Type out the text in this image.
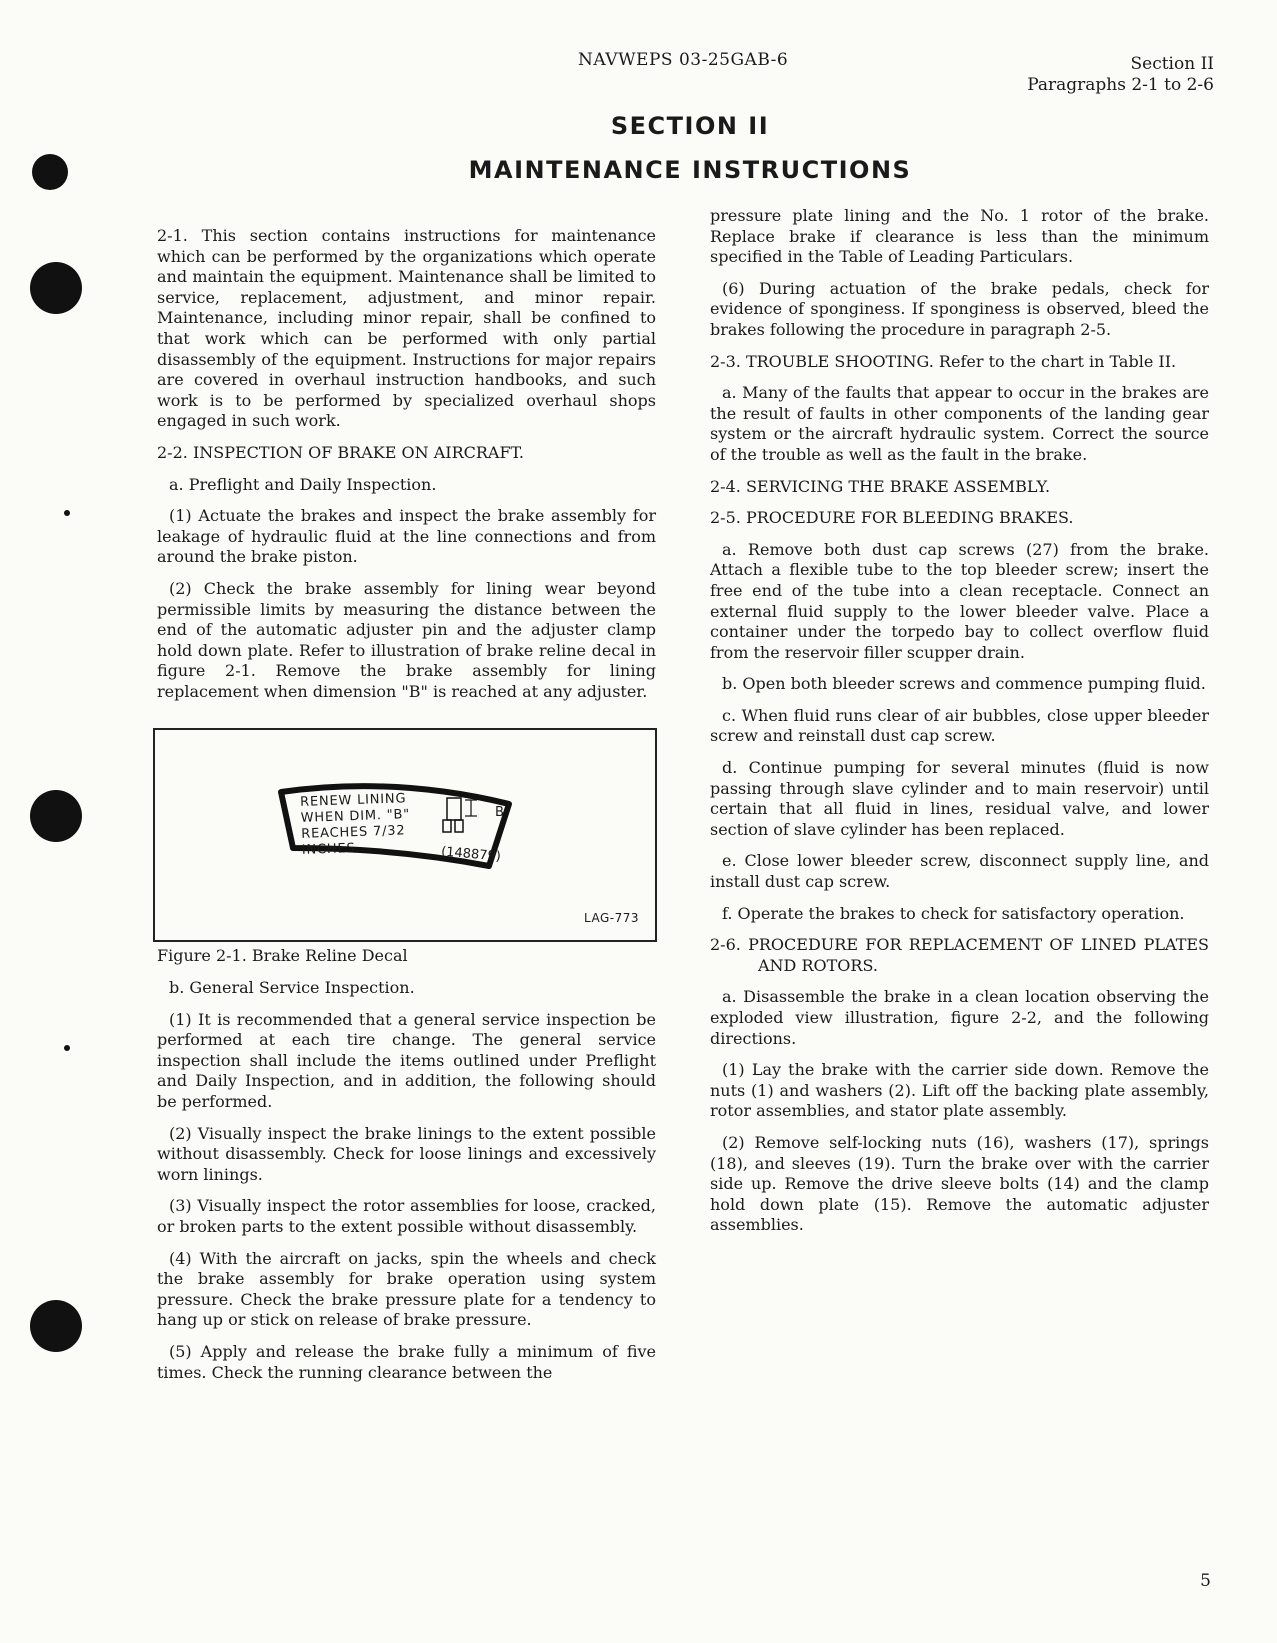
NAVWEPS 03-25GAB-6	Section II
Paragraphs 2-1 to 2-6
SECTION II
MAINTENANCE INSTRUCTIONS

2-1. This section contains instructions for maintenance which can be performed by the organizations which operate and maintain the equipment. Maintenance shall be limited to service, replacement, adjustment, and minor repair. Maintenance, including minor repair, shall be confined to that work which can be performed with only partial disassembly of the equipment. Instructions for major repairs are covered in overhaul instruction handbooks, and such work is to be performed by specialized overhaul shops engaged in such work.

2-2. INSPECTION OF BRAKE ON AIRCRAFT.

a. Preflight and Daily Inspection.

(1) Actuate the brakes and inspect the brake assembly for leakage of hydraulic fluid at the line connections and from around the brake piston.

(2) Check the brake assembly for lining wear beyond permissible limits by measuring the distance between the end of the automatic adjuster pin and the adjuster clamp hold down plate. Refer to illustration of brake reline decal in figure 2-1. Remove the brake assembly for lining replacement when dimension "B" is reached at any adjuster.

RENEW LINING
WHEN DIM. "B"
REACHES 7/32
INCHES.	(148879)
B
LAG-773

Figure 2-1. Brake Reline Decal

b. General Service Inspection.

(1) It is recommended that a general service inspection be performed at each tire change. The general service inspection shall include the items outlined under Preflight and Daily Inspection, and in addition, the following should be performed.

(2) Visually inspect the brake linings to the extent possible without disassembly. Check for loose linings and excessively worn linings.

(3) Visually inspect the rotor assemblies for loose, cracked, or broken parts to the extent possible without disassembly.

(4) With the aircraft on jacks, spin the wheels and check the brake assembly for brake operation using system pressure. Check the brake pressure plate for a tendency to hang up or stick on release of brake pressure.

(5) Apply and release the brake fully a minimum of five times. Check the running clearance between the

pressure plate lining and the No. 1 rotor of the brake. Replace brake if clearance is less than the minimum specified in the Table of Leading Particulars.

(6) During actuation of the brake pedals, check for evidence of sponginess. If sponginess is observed, bleed the brakes following the procedure in paragraph 2-5.

2-3. TROUBLE SHOOTING. Refer to the chart in Table II.

a. Many of the faults that appear to occur in the brakes are the result of faults in other components of the landing gear system or the aircraft hydraulic system. Correct the source of the trouble as well as the fault in the brake.

2-4. SERVICING THE BRAKE ASSEMBLY.

2-5. PROCEDURE FOR BLEEDING BRAKES.

a. Remove both dust cap screws (27) from the brake. Attach a flexible tube to the top bleeder screw; insert the free end of the tube into a clean receptacle. Connect an external fluid supply to the lower bleeder valve. Place a container under the torpedo bay to collect overflow fluid from the reservoir filler scupper drain.

b. Open both bleeder screws and commence pumping fluid.

c. When fluid runs clear of air bubbles, close upper bleeder screw and reinstall dust cap screw.

d. Continue pumping for several minutes (fluid is now passing through slave cylinder and to main reservoir) until certain that all fluid in lines, residual valve, and lower section of slave cylinder has been replaced.

e. Close lower bleeder screw, disconnect supply line, and install dust cap screw.

f. Operate the brakes to check for satisfactory operation.

2-6. PROCEDURE FOR REPLACEMENT OF LINED PLATES AND ROTORS.

a. Disassemble the brake in a clean location observing the exploded view illustration, figure 2-2, and the following directions.

(1) Lay the brake with the carrier side down. Remove the nuts (1) and washers (2). Lift off the backing plate assembly, rotor assemblies, and stator plate assembly.

(2) Remove self-locking nuts (16), washers (17), springs (18), and sleeves (19). Turn the brake over with the carrier side up. Remove the drive sleeve bolts (14) and the clamp hold down plate (15). Remove the automatic adjuster assemblies.

5
